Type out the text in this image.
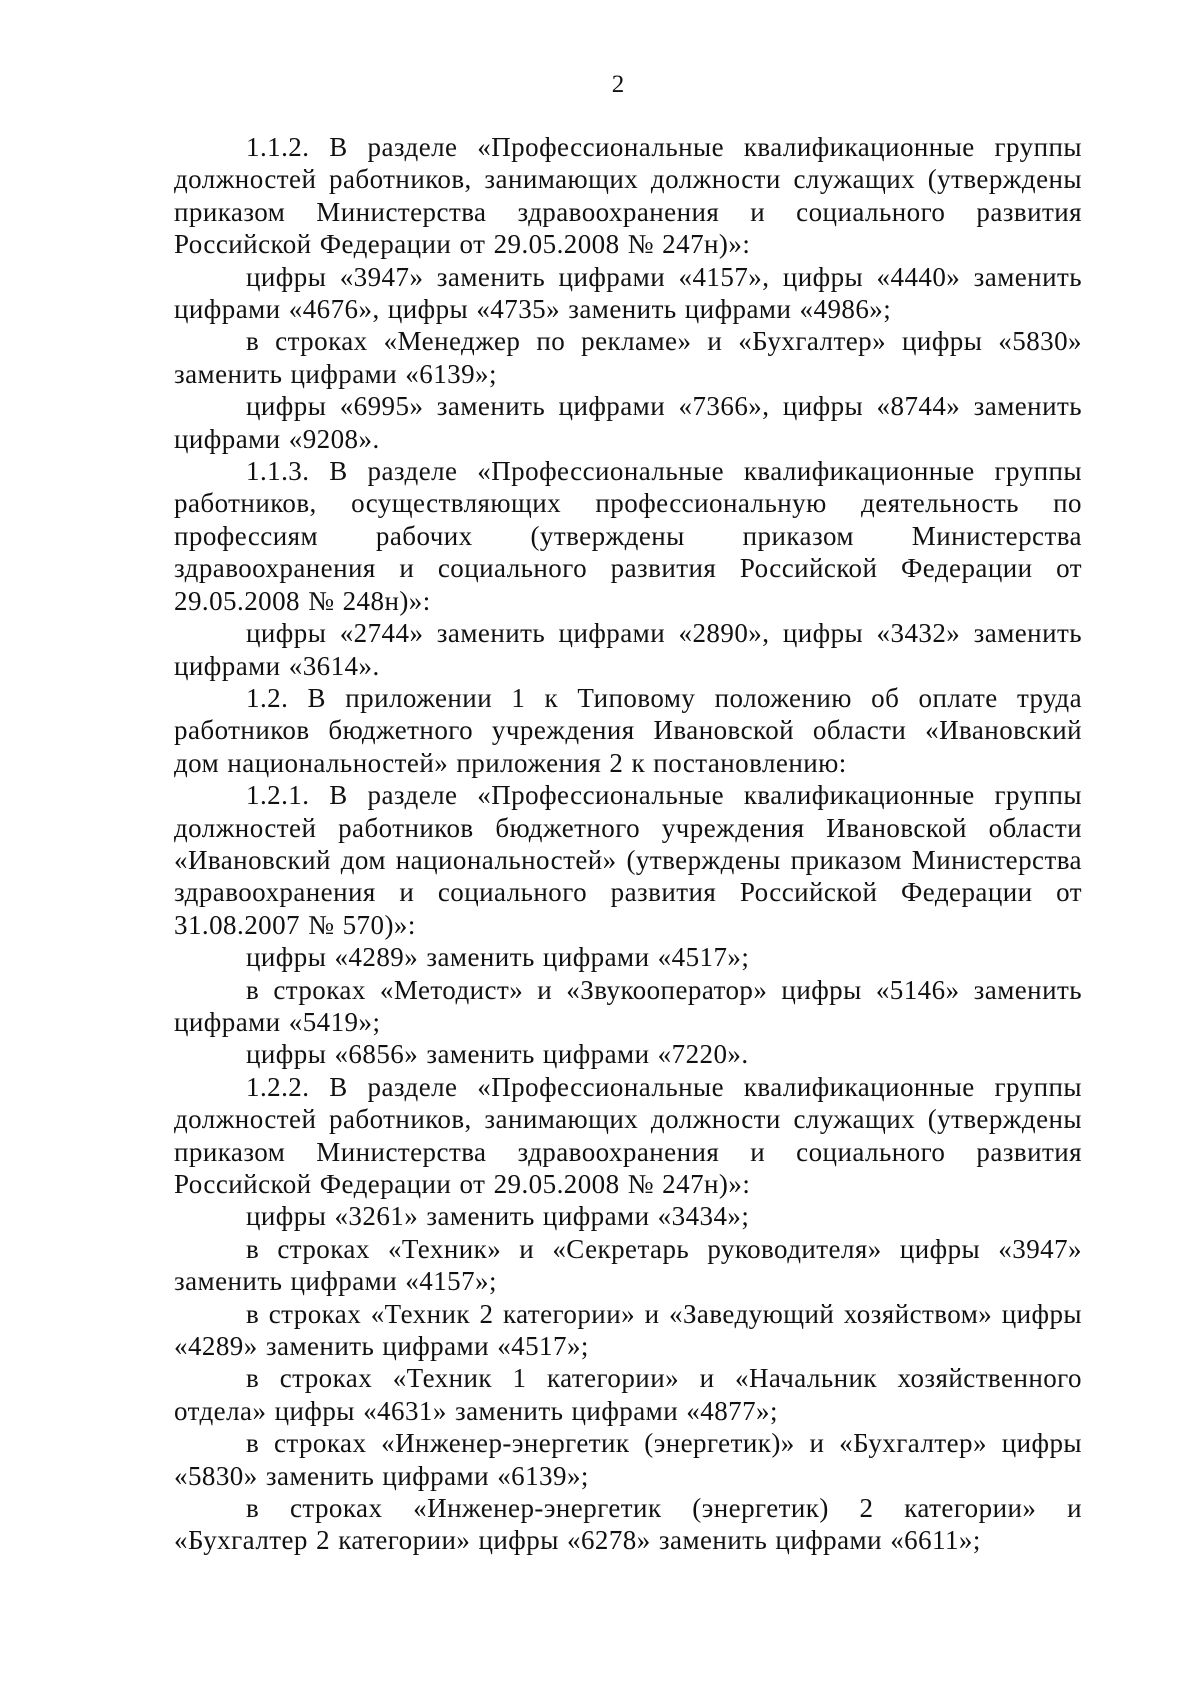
2

1.1.2. В разделе «Профессиональные квалификационные группы должностей работников, занимающих должности служащих (утверждены приказом Министерства здравоохранения и социального развития Российской Федерации от 29.05.2008 № 247н)»:

цифры «3947» заменить цифрами «4157», цифры «4440» заменить цифрами «4676», цифры «4735» заменить цифрами «4986»;

в строках «Менеджер по рекламе» и «Бухгалтер» цифры «5830» заменить цифрами «6139»;

цифры «6995» заменить цифрами «7366», цифры «8744» заменить цифрами «9208».

1.1.3. В разделе «Профессиональные квалификационные группы работников, осуществляющих профессиональную деятельность по профессиям рабочих (утверждены приказом Министерства здравоохранения и социального развития Российской Федерации от 29.05.2008 № 248н)»:

цифры «2744» заменить цифрами «2890», цифры «3432» заменить цифрами «3614».

1.2. В приложении 1 к Типовому положению об оплате труда работников бюджетного учреждения Ивановской области «Ивановский дом национальностей» приложения 2 к постановлению:

1.2.1. В разделе «Профессиональные квалификационные группы должностей работников бюджетного учреждения Ивановской области «Ивановский дом национальностей» (утверждены приказом Министерства здравоохранения и социального развития Российской Федерации от 31.08.2007 № 570)»:

цифры «4289» заменить цифрами «4517»;

в строках «Методист» и «Звукооператор» цифры «5146» заменить цифрами «5419»;

цифры «6856» заменить цифрами «7220».

1.2.2. В разделе «Профессиональные квалификационные группы должностей работников, занимающих должности служащих (утверждены приказом Министерства здравоохранения и социального развития Российской Федерации от 29.05.2008 № 247н)»:

цифры «3261» заменить цифрами «3434»;

в строках «Техник» и «Секретарь руководителя» цифры «3947» заменить цифрами «4157»;

в строках «Техник 2 категории» и «Заведующий хозяйством» цифры «4289» заменить цифрами «4517»;

в строках «Техник 1 категории» и «Начальник хозяйственного отдела» цифры «4631» заменить цифрами «4877»;

в строках «Инженер-энергетик (энергетик)» и «Бухгалтер» цифры «5830» заменить цифрами «6139»;

в строках «Инженер-энергетик (энергетик) 2 категории» и «Бухгалтер 2 категории» цифры «6278» заменить цифрами «6611»;
